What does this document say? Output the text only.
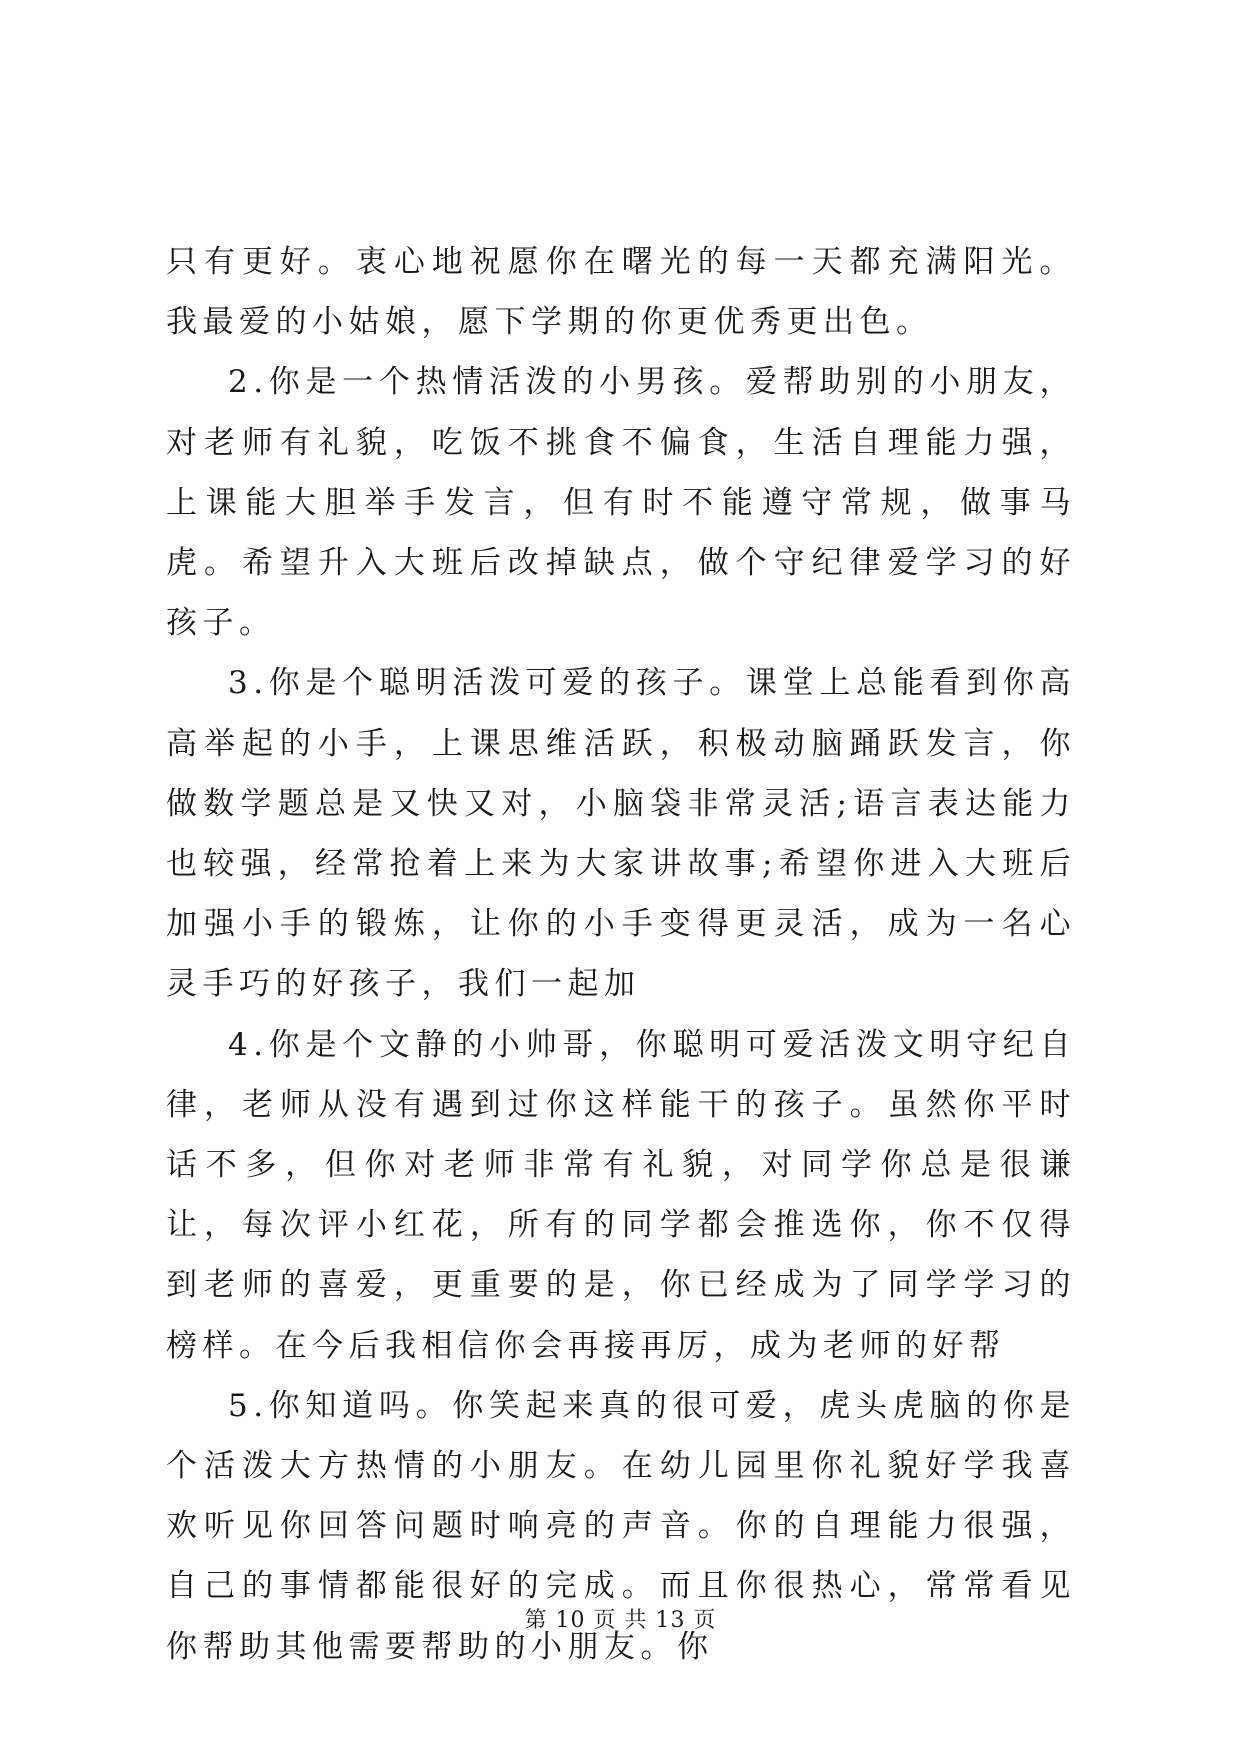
只有更好。衷心地祝愿你在曙光的每一天都充满阳光。我最爱的小姑娘，愿下学期的你更优秀更出色。

2.你是一个热情活泼的小男孩。爱帮助别的小朋友，对老师有礼貌，吃饭不挑食不偏食，生活自理能力强，上课能大胆举手发言，但有时不能遵守常规，做事马虎。希望升入大班后改掉缺点，做个守纪律爱学习的好孩子。

3.你是个聪明活泼可爱的孩子。课堂上总能看到你高高举起的小手，上课思维活跃，积极动脑踊跃发言，你做数学题总是又快又对，小脑袋非常灵活;语言表达能力也较强，经常抢着上来为大家讲故事;希望你进入大班后加强小手的锻炼，让你的小手变得更灵活，成为一名心灵手巧的好孩子，我们一起加

4.你是个文静的小帅哥，你聪明可爱活泼文明守纪自律，老师从没有遇到过你这样能干的孩子。虽然你平时话不多，但你对老师非常有礼貌，对同学你总是很谦让，每次评小红花，所有的同学都会推选你，你不仅得到老师的喜爱，更重要的是，你已经成为了同学学习的榜样。在今后我相信你会再接再厉，成为老师的好帮

5.你知道吗。你笑起来真的很可爱，虎头虎脑的你是个活泼大方热情的小朋友。在幼儿园里你礼貌好学我喜欢听见你回答问题时响亮的声音。你的自理能力很强，自己的事情都能很好的完成。而且你很热心，常常看见你帮助其他需要帮助的小朋友。你

第 10 页 共 13 页
